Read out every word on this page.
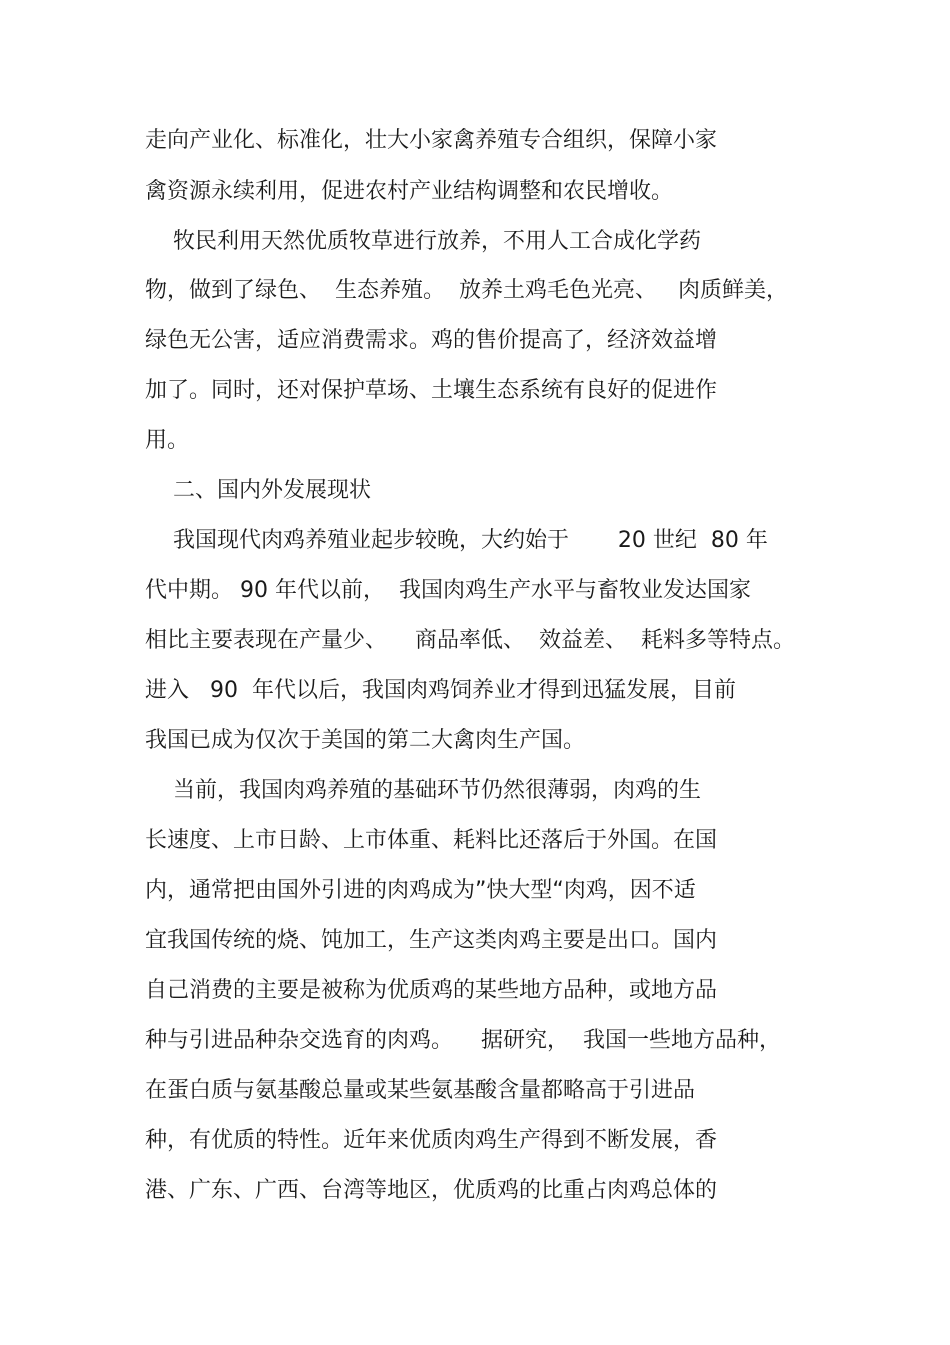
走向产业化、标准化，壮大小家禽养殖专合组织，保障小家
禽资源永续利用，促进农村产业结构调整和农民增收。
牧民利用天然优质牧草进行放养，不用人工合成化学药
物，做到了绿色、  生态养殖。  放养土鸡毛色光亮、   肉质鲜美，
绿色无公害，适应消费需求。鸡的售价提高了，经济效益增
加了。同时，还对保护草场、土壤生态系统有良好的促进作
用。
二、国内外发展现状
我国现代肉鸡养殖业起步较晚，大约始于       20 世纪  80 年
代中期。 90 年代以前，  我国肉鸡生产水平与畜牧业发达国家
相比主要表现在产量少、    商品率低、  效益差、  耗料多等特点。
进入   90  年代以后，我国肉鸡饲养业才得到迅猛发展，目前
我国已成为仅次于美国的第二大禽肉生产国。
当前，我国肉鸡养殖的基础环节仍然很薄弱，肉鸡的生
长速度、上市日龄、上市体重、耗料比还落后于外国。在国
内，通常把由国外引进的肉鸡成为”快大型“肉鸡，因不适
宜我国传统的烧、饨加工，生产这类肉鸡主要是出口。国内
自己消费的主要是被称为优质鸡的某些地方品种，或地方品
种与引进品种杂交选育的肉鸡。    据研究，  我国一些地方品种，
在蛋白质与氨基酸总量或某些氨基酸含量都略高于引进品
种，有优质的特性。近年来优质肉鸡生产得到不断发展，香
港、广东、广西、台湾等地区，优质鸡的比重占肉鸡总体的
